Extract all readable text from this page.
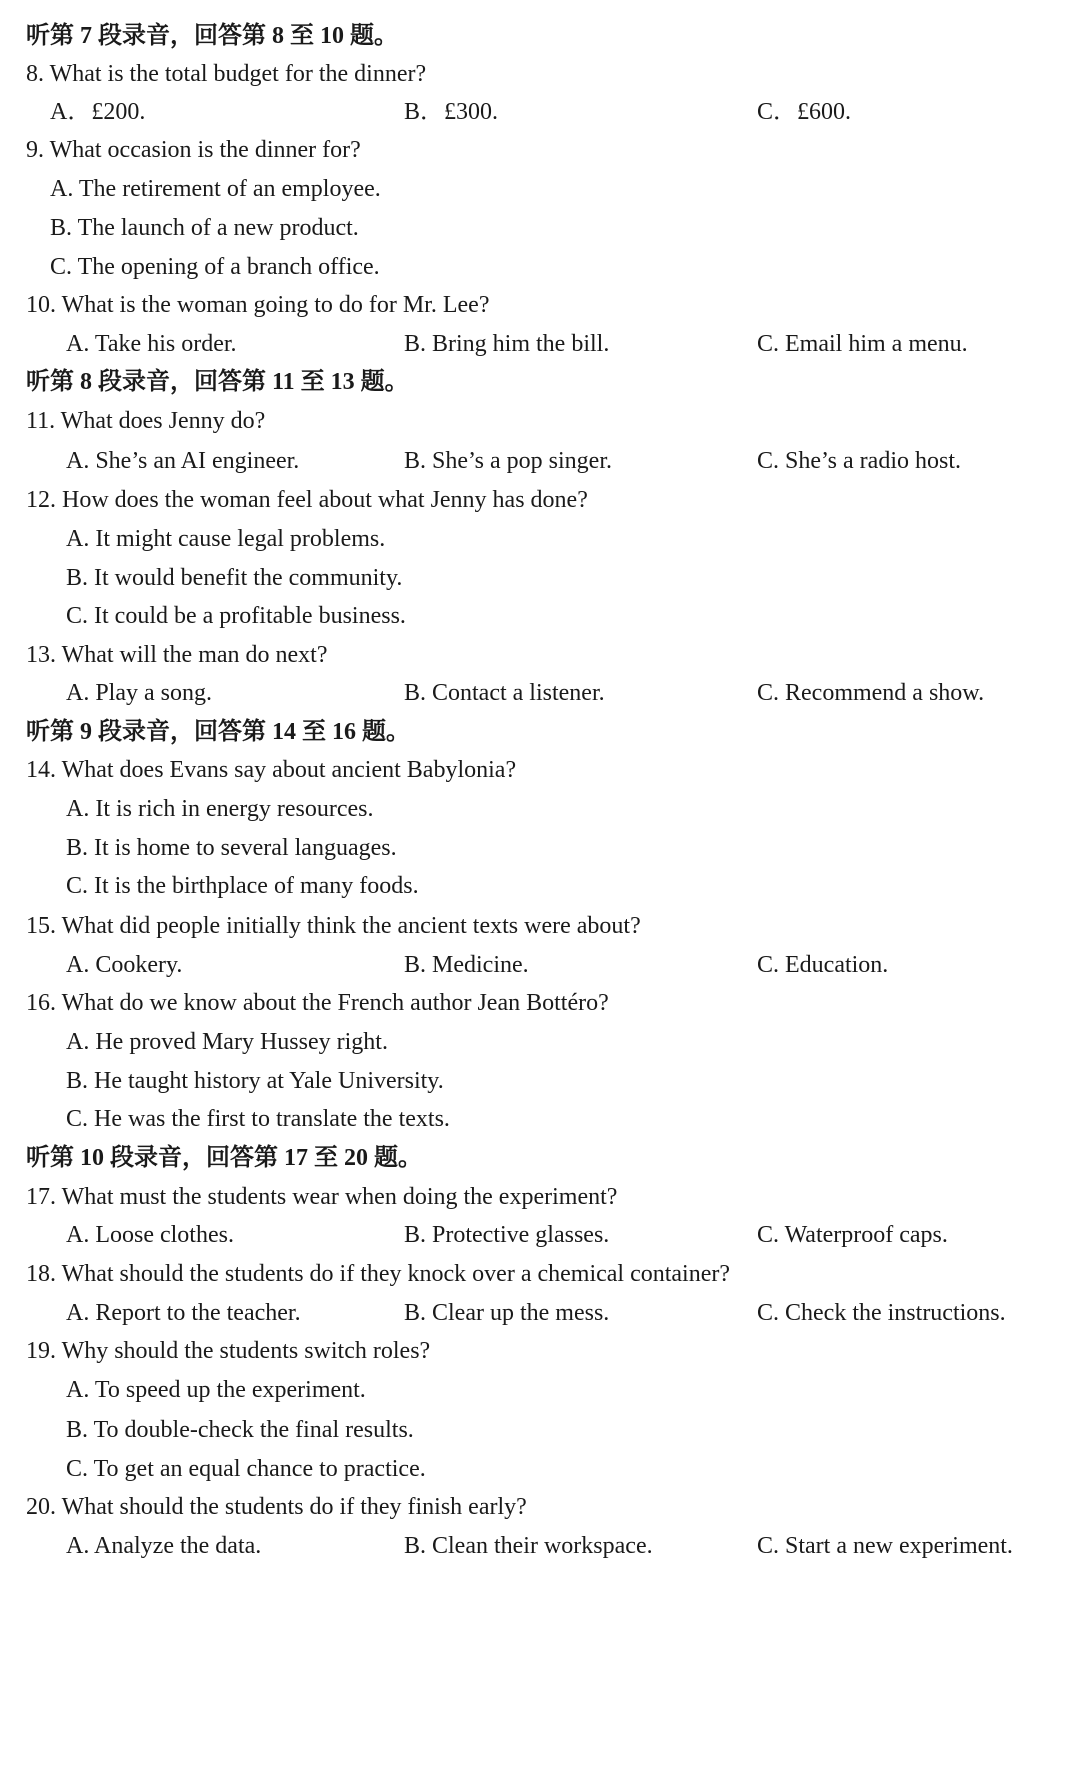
听第 7 段录音，回答第 8 至 10 题。
8. What is the total budget for the dinner?
A．£200.	B．£300.	C．£600.
9. What occasion is the dinner for?
A. The retirement of an employee.
B. The launch of a new product.
C. The opening of a branch office.
10. What is the woman going to do for Mr. Lee?
A. Take his order.	B. Bring him the bill.	C. Email him a menu.
听第 8 段录音，回答第 11 至 13 题。
11. What does Jenny do?
A. She’s an AI engineer.	B. She’s a pop singer.	C. She’s a radio host.
12. How does the woman feel about what Jenny has done?
A. It might cause legal problems.
B. It would benefit the community.
C. It could be a profitable business.
13. What will the man do next?
A. Play a song.	B. Contact a listener.	C. Recommend a show.
听第 9 段录音，回答第 14 至 16 题。
14. What does Evans say about ancient Babylonia?
A. It is rich in energy resources.
B. It is home to several languages.
C. It is the birthplace of many foods.
15. What did people initially think the ancient texts were about?
A. Cookery.	B. Medicine.	C. Education.
16. What do we know about the French author Jean Bottéro?
A. He proved Mary Hussey right.
B. He taught history at Yale University.
C. He was the first to translate the texts.
听第 10 段录音，回答第 17 至 20 题。
17. What must the students wear when doing the experiment?
A. Loose clothes.	B. Protective glasses.	C. Waterproof caps.
18. What should the students do if they knock over a chemical container?
A. Report to the teacher.	B. Clear up the mess.	C. Check the instructions.
19. Why should the students switch roles?
A. To speed up the experiment.
B. To double-check the final results.
C. To get an equal chance to practice.
20. What should the students do if they finish early?
A. Analyze the data.	B. Clean their workspace.	C. Start a new experiment.
